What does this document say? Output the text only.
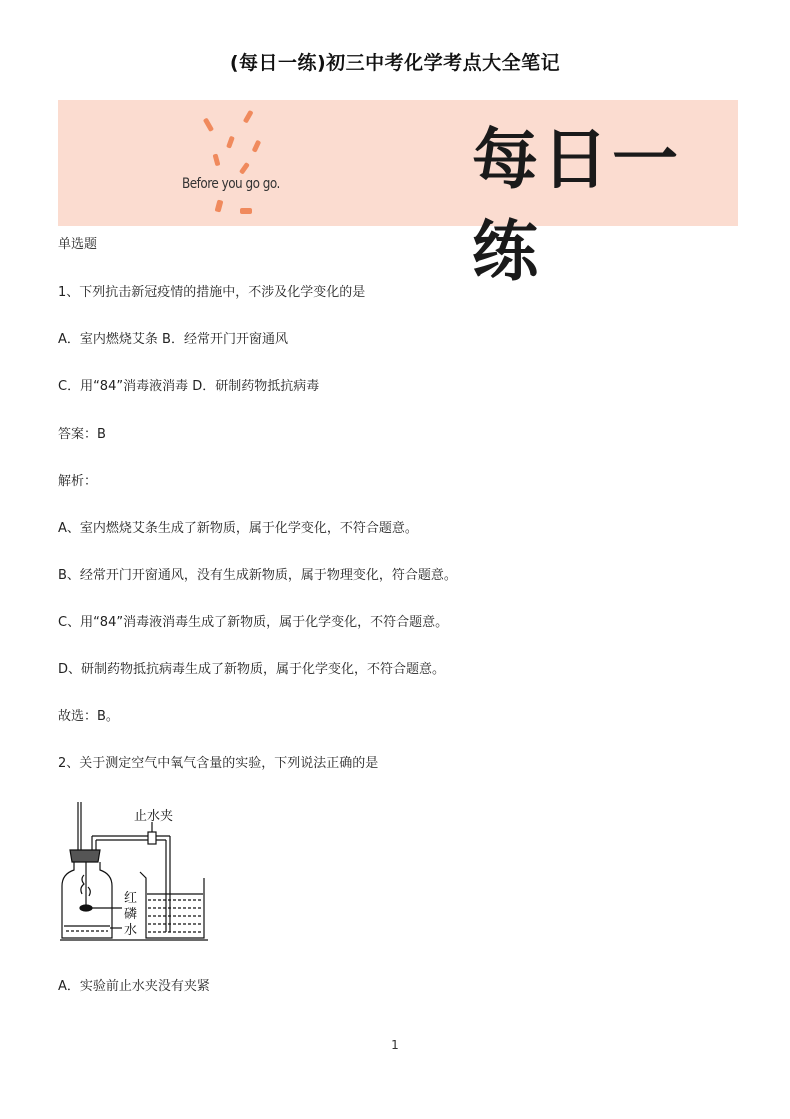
(每日一练)初三中考化学考点大全笔记
Before you go go.	每日一练
单选题
1、下列抗击新冠疫情的措施中，不涉及化学变化的是
A．室内燃烧艾条 B．经常开门开窗通风
C．用“84”消毒液消毒 D．研制药物抵抗病毒
答案：B
解析：
A、室内燃烧艾条生成了新物质，属于化学变化，不符合题意。
B、经常开门开窗通风，没有生成新物质，属于物理变化，符合题意。
C、用“84”消毒液消毒生成了新物质，属于化学变化，不符合题意。
D、研制药物抵抗病毒生成了新物质，属于化学变化，不符合题意。
故选：B。
2、关于测定空气中氧气含量的实验，下列说法正确的是
止水夹
红
磷
水
A．实验前止水夹没有夹紧
1
